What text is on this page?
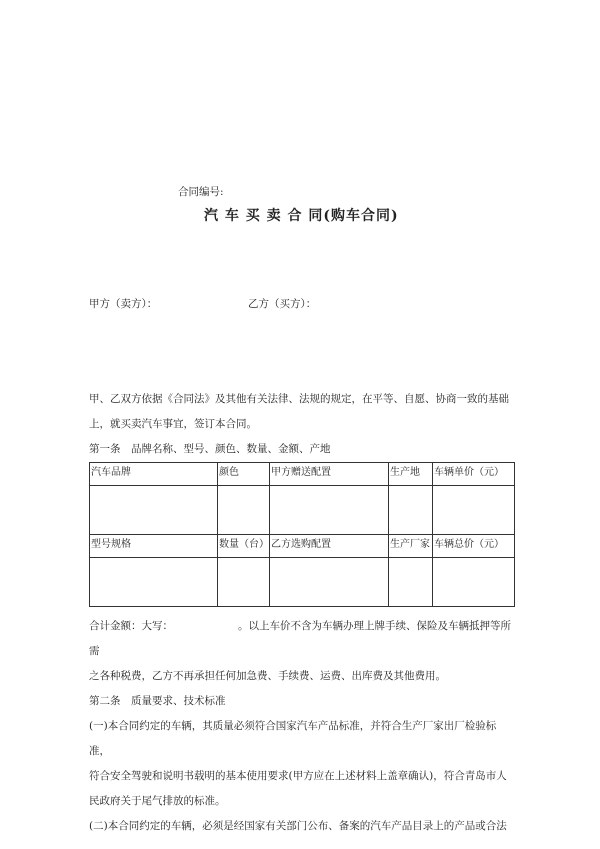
合同编号:
汽 车 买 卖 合 同(购车合同)
甲方（卖方）：	乙方（买方）：
甲、乙双方依据《合同法》及其他有关法律、法规的规定，在平等、自愿、协商一致的基础
上，就买卖汽车事宜，签订本合同。
第一条　品牌名称、型号、颜色、数量、金额、产地
汽车品牌	颜色	甲方赠送配置	生产地	车辆单价（元）

型号规格	数量（台）	乙方选购配置	生产厂家	车辆总价（元）

合计金额：大写：	。以上车价不含为车辆办理上牌手续、保险及车辆抵押等所需
之各种税费，乙方不再承担任何加急费、手续费、运费、出库费及其他费用。
第二条　质量要求、技术标准
(一)本合同约定的车辆，其质量必须符合国家汽车产品标准，并符合生产厂家出厂检验标准，
符合安全驾驶和说明书载明的基本使用要求(甲方应在上述材料上盖章确认)，符合青岛市人
民政府关于尾气排放的标准。
(二)本合同约定的车辆，必须是经国家有关部门公布、备案的汽车产品目录上的产品或合法
